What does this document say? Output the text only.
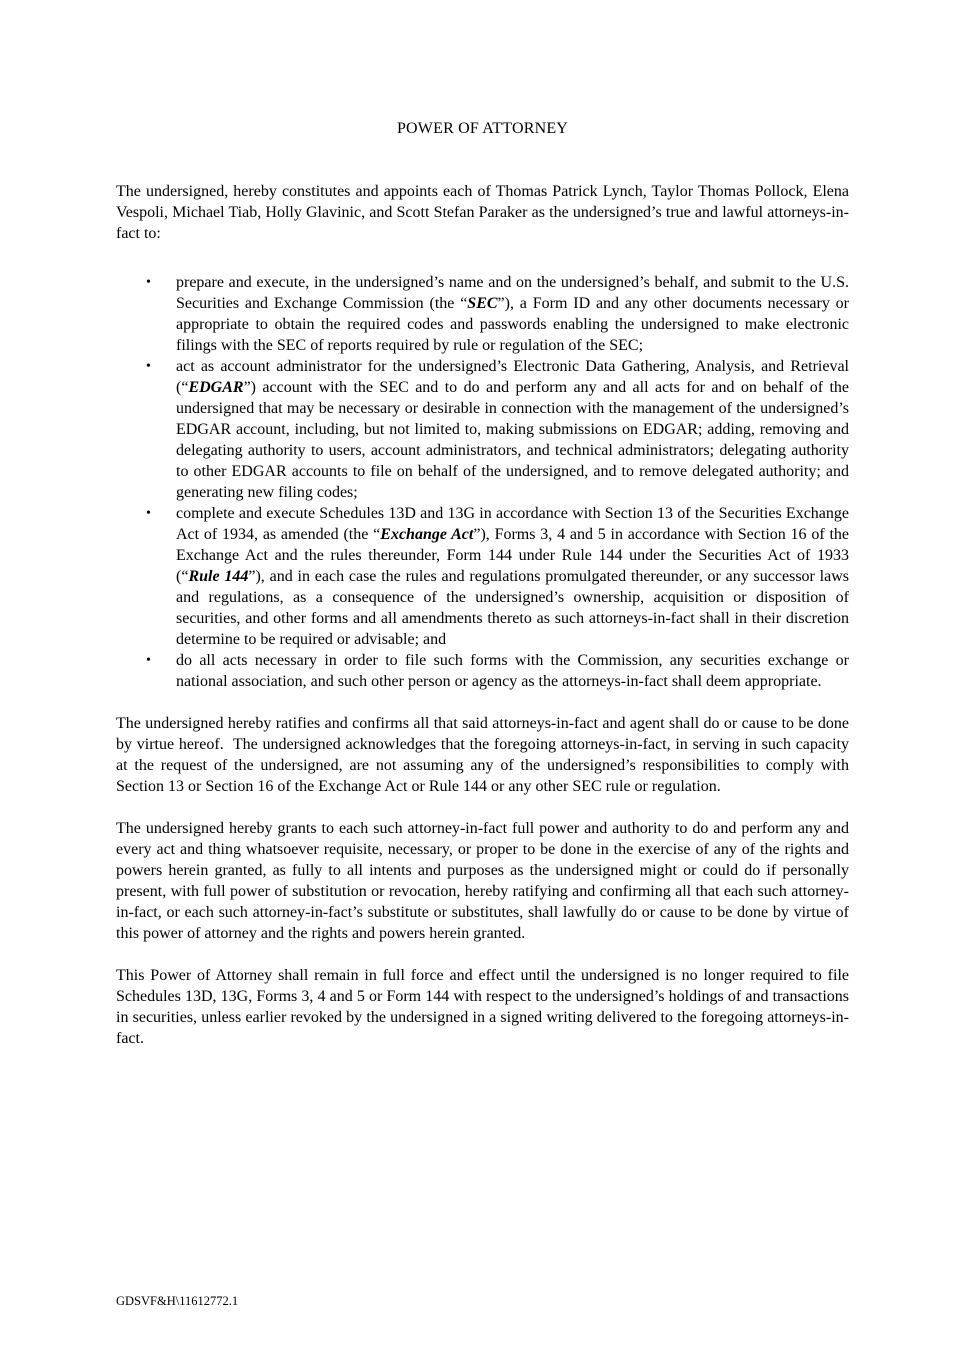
POWER OF ATTORNEY

The undersigned, hereby constitutes and appoints each of Thomas Patrick Lynch, Taylor Thomas Pollock, Elena Vespoli, Michael Tiab, Holly Glavinic, and Scott Stefan Paraker as the undersigned’s true and lawful attorneys-in-fact to:

• prepare and execute, in the undersigned’s name and on the undersigned’s behalf, and submit to the U.S. Securities and Exchange Commission (the “SEC”), a Form ID and any other documents necessary or appropriate to obtain the required codes and passwords enabling the undersigned to make electronic filings with the SEC of reports required by rule or regulation of the SEC;
• act as account administrator for the undersigned’s Electronic Data Gathering, Analysis, and Retrieval (“EDGAR”) account with the SEC and to do and perform any and all acts for and on behalf of the undersigned that may be necessary or desirable in connection with the management of the undersigned’s EDGAR account, including, but not limited to, making submissions on EDGAR; adding, removing and delegating authority to users, account administrators, and technical administrators; delegating authority to other EDGAR accounts to file on behalf of the undersigned, and to remove delegated authority; and generating new filing codes;
• complete and execute Schedules 13D and 13G in accordance with Section 13 of the Securities Exchange Act of 1934, as amended (the “Exchange Act”), Forms 3, 4 and 5 in accordance with Section 16 of the Exchange Act and the rules thereunder, Form 144 under Rule 144 under the Securities Act of 1933 (“Rule 144”), and in each case the rules and regulations promulgated thereunder, or any successor laws and regulations, as a consequence of the undersigned’s ownership, acquisition or disposition of securities, and other forms and all amendments thereto as such attorneys-in-fact shall in their discretion determine to be required or advisable; and
• do all acts necessary in order to file such forms with the Commission, any securities exchange or national association, and such other person or agency as the attorneys-in-fact shall deem appropriate.

The undersigned hereby ratifies and confirms all that said attorneys-in-fact and agent shall do or cause to be done by virtue hereof.  The undersigned acknowledges that the foregoing attorneys-in-fact, in serving in such capacity at the request of the undersigned, are not assuming any of the undersigned’s responsibilities to comply with Section 13 or Section 16 of the Exchange Act or Rule 144 or any other SEC rule or regulation.

The undersigned hereby grants to each such attorney-in-fact full power and authority to do and perform any and every act and thing whatsoever requisite, necessary, or proper to be done in the exercise of any of the rights and powers herein granted, as fully to all intents and purposes as the undersigned might or could do if personally present, with full power of substitution or revocation, hereby ratifying and confirming all that each such attorney-in-fact, or each such attorney-in-fact’s substitute or substitutes, shall lawfully do or cause to be done by virtue of this power of attorney and the rights and powers herein granted.

This Power of Attorney shall remain in full force and effect until the undersigned is no longer required to file Schedules 13D, 13G, Forms 3, 4 and 5 or Form 144 with respect to the undersigned’s holdings of and transactions in securities, unless earlier revoked by the undersigned in a signed writing delivered to the foregoing attorneys-in-fact.

GDSVF&H\11612772.1
